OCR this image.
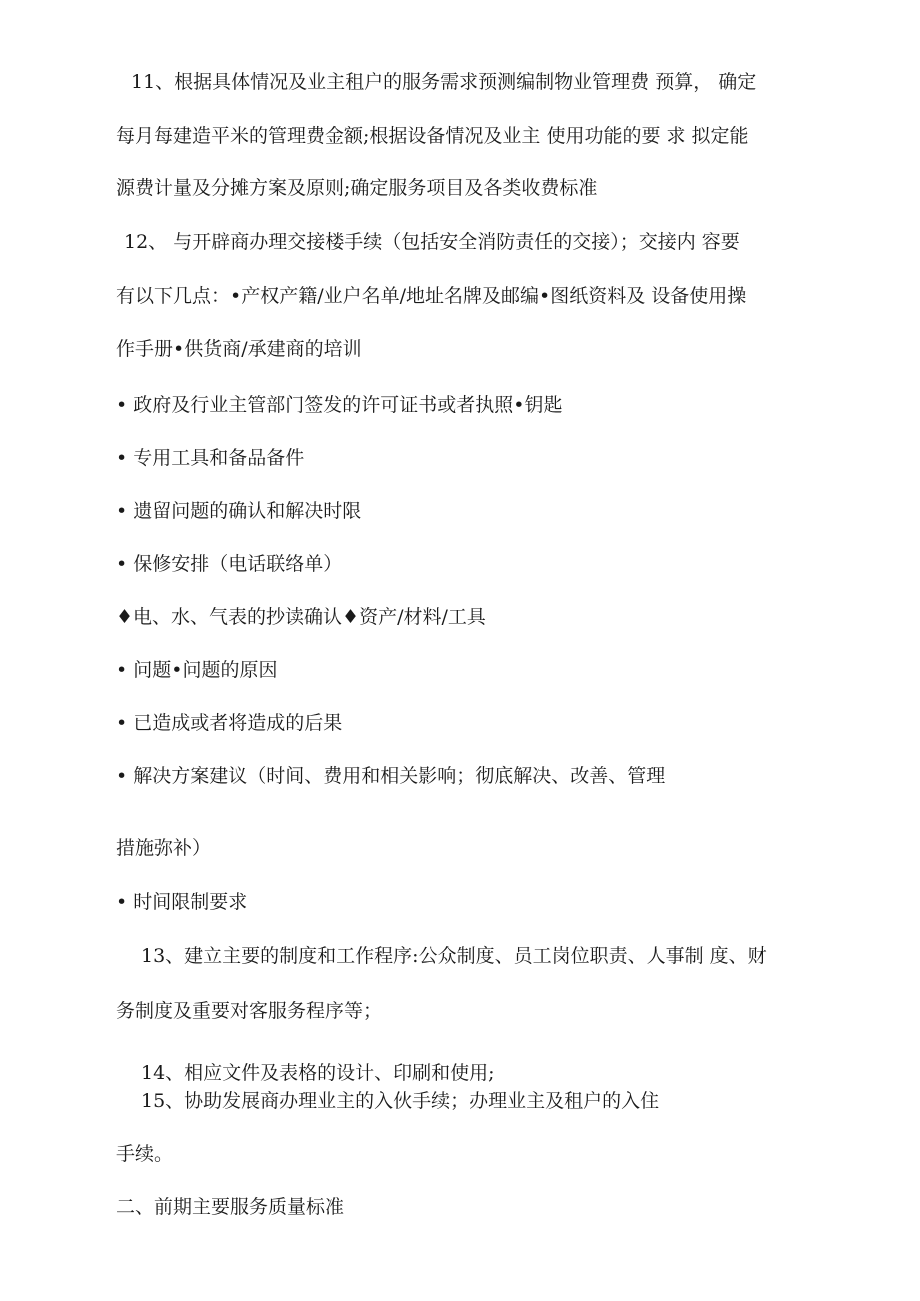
11、根据具体情况及业主租户的服务需求预测编制物业管理费 预算， 确定
每月每建造平米的管理费金额;根据设备情况及业主 使用功能的要 求 拟定能
源费计量及分摊方案及原则;确定服务项目及各类收费标准
12、 与开辟商办理交接楼手续（包括安全消防责任的交接）；交接内 容要
有以下几点：•产权产籍/业户名单/地址名牌及邮编•图纸资料及 设备使用操
作手册•供货商/承建商的培训
• 政府及行业主管部门签发的许可证书或者执照•钥匙
• 专用工具和备品备件
• 遗留问题的确认和解决时限
• 保修安排（电话联络单）
♦电、水、气表的抄读确认♦资产/材料/工具
• 问题•问题的原因
• 已造成或者将造成的后果
• 解决方案建议（时间、费用和相关影响；彻底解决、改善、管理
措施弥补）
• 时间限制要求
13、建立主要的制度和工作程序:公众制度、员工岗位职责、人事制 度、财
务制度及重要对客服务程序等；
14、相应文件及表格的设计、印刷和使用;
15、协助发展商办理业主的入伙手续；办理业主及租户的入住
手续。
二、前期主要服务质量标准
